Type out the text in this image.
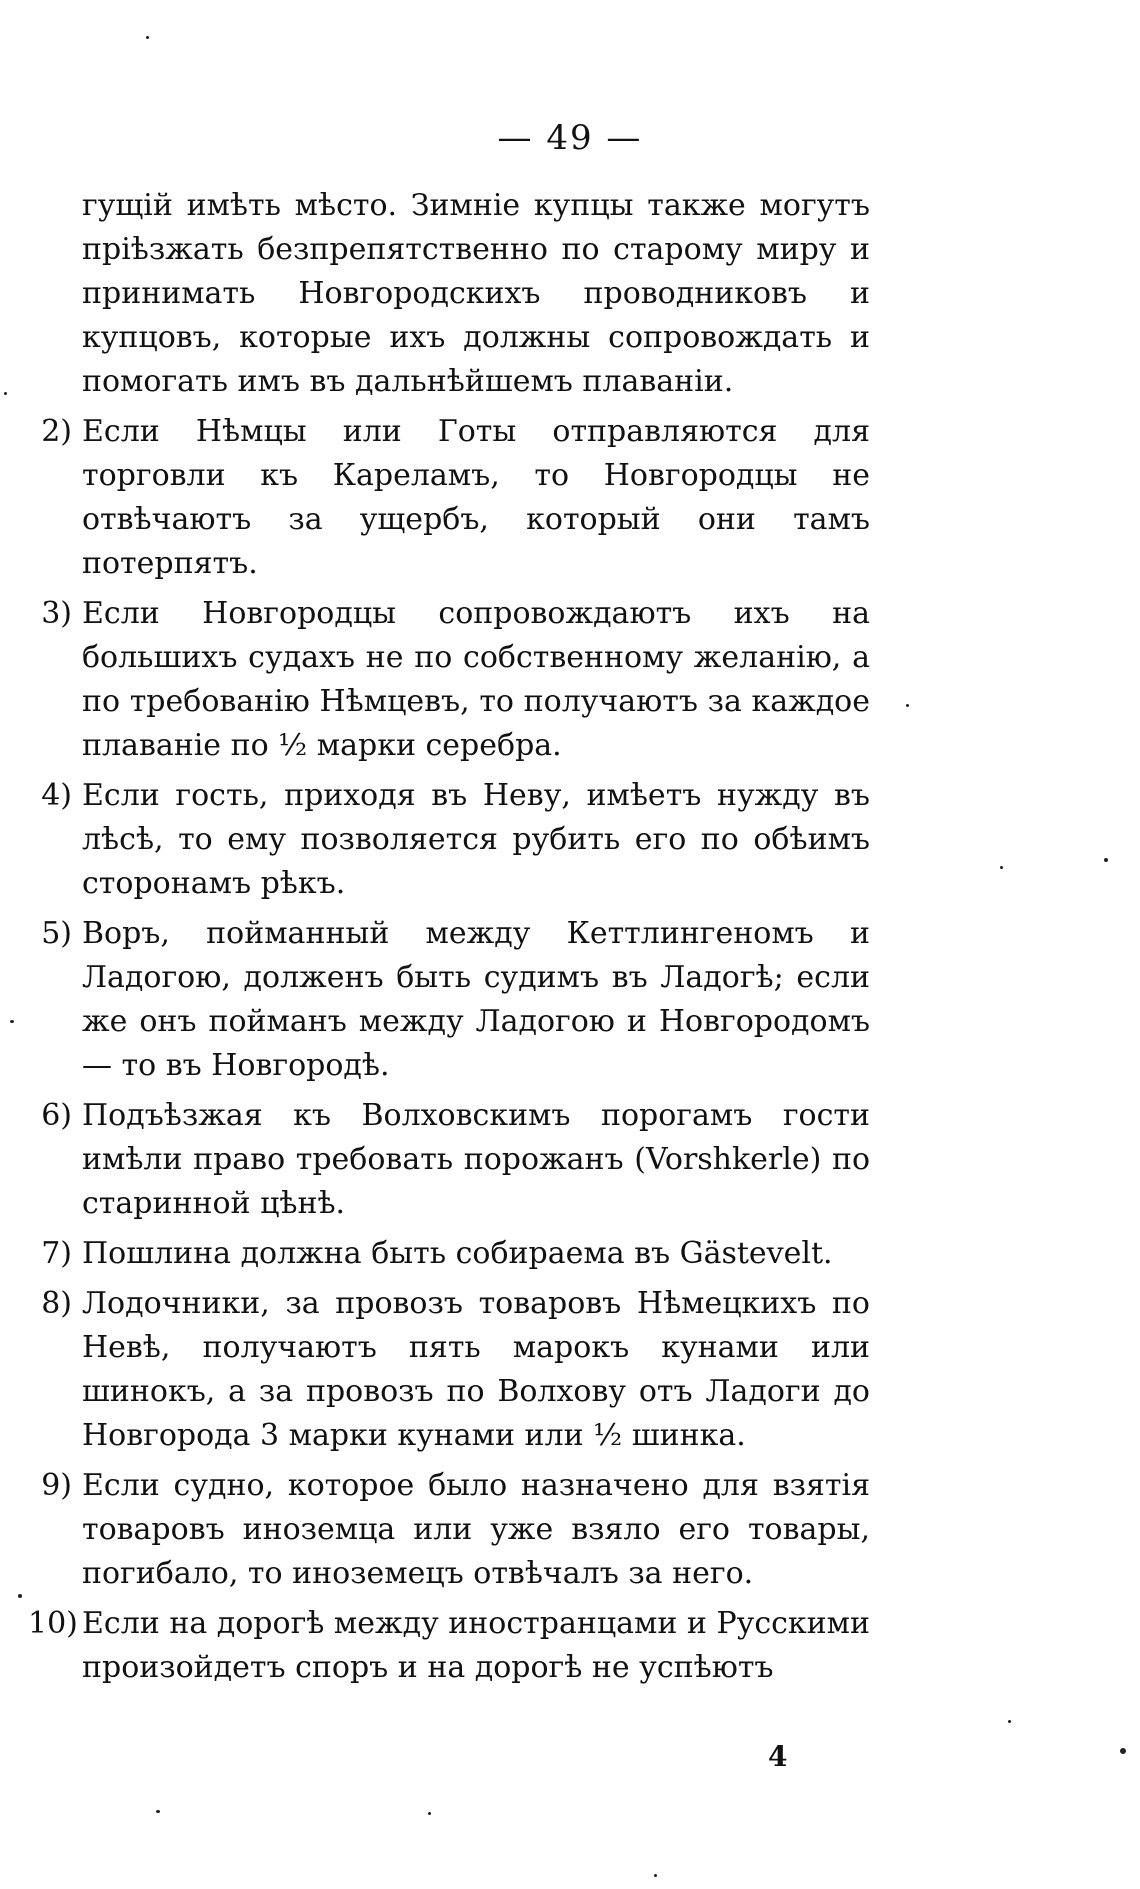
— 49 —

гущій имѣть мѣсто. Зимніе купцы также могутъ пріѣзжать безпрепятственно по старому миру и принимать Новгородскихъ проводниковъ и купцовъ, которые ихъ должны сопровождать и помогать имъ въ дальнѣйшемъ плаваніи.

2) Если Нѣмцы или Готы отправляются для торговли къ Кареламъ, то Новгородцы не отвѣчаютъ за ущербъ, который они тамъ потерпятъ.
3) Если Новгородцы сопровождаютъ ихъ на большихъ судахъ не по собственному желанію, а по требованію Нѣмцевъ, то получаютъ за каждое плаваніе по ½ марки серебра.
4) Если гость, приходя въ Неву, имѣетъ нужду въ лѣсѣ, то ему позволяется рубить его по обѣимъ сторонамъ рѣкъ.
5) Воръ, пойманный между Кеттлингеномъ и Ладогою, долженъ быть судимъ въ Ладогѣ; если же онъ пойманъ между Ладогою и Новгородомъ — то въ Новгородѣ.
6) Подъѣзжая къ Волховскимъ порогамъ гости имѣли право требовать порожанъ (Vorshkerle) по старинной цѣнѣ.
7) Пошлина должна быть собираема въ Gästevelt.
8) Лодочники, за провозъ товаровъ Нѣмецкихъ по Невѣ, получаютъ пять марокъ кунами или шинокъ, а за провозъ по Волхову отъ Ладоги до Новгорода 3 марки кунами или ½ шинка.
9) Если судно, которое было назначено для взятія товаровъ иноземца или уже взяло его товары, погибало, то иноземецъ отвѣчалъ за него.
10) Если на дорогѣ между иностранцами и Русскими произойдетъ споръ и на дорогѣ не успѣютъ
4
